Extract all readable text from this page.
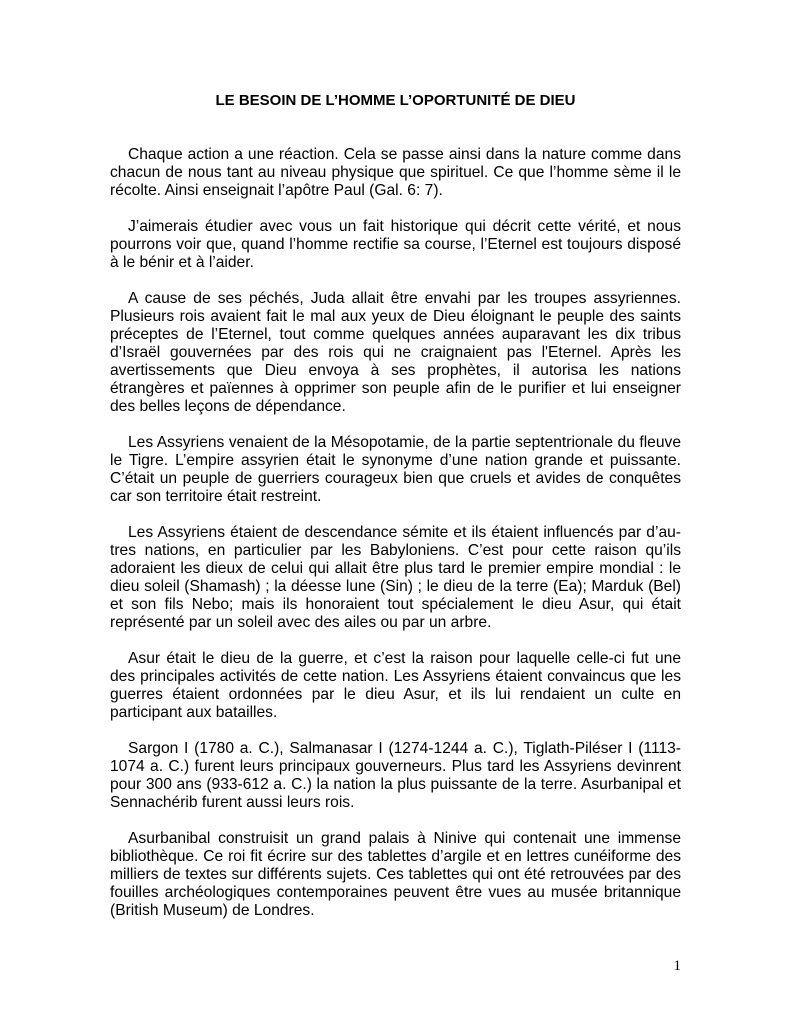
LE BESOIN DE L’HOMME L’OPORTUNITÉ DE DIEU

Chaque action a une réaction. Cela se passe ainsi dans la nature comme dans chacun de nous tant au niveau physique que spirituel. Ce que l’homme sème il le récolte. Ainsi enseignait l’apôtre Paul (Gal. 6: 7).

J’aimerais étudier avec vous un fait historique qui décrit cette vérité, et nous pourrons voir que, quand l’homme rectifie sa course, l’Eternel est toujours disposé à le bénir et à l’aider.

A cause de ses péchés, Juda allait être envahi par les troupes assyriennes. Plusieurs rois avaient fait le mal aux yeux de Dieu éloignant le peuple des saints préceptes de l’Eternel, tout comme quelques années auparavant les dix tribus d’Israël gouvernées par des rois qui ne craignaient pas l'Eternel. Après les avertissements que Dieu envoya à ses prophètes, il autorisa les nations étrangères et païennes à opprimer son peuple afin de le purifier et lui enseigner des belles leçons de dépendance.

Les Assyriens venaient de la Mésopotamie, de la partie septentrionale du fleuve le Tigre. L’empire assyrien était le synonyme d’une nation grande et puissante. C’était un peuple de guerriers courageux bien que cruels et avides de conquêtes car son territoire était restreint.

Les Assyriens étaient de descendance sémite et ils étaient influencés par d’autres nations, en particulier par les Babyloniens. C’est pour cette raison qu’ils adoraient les dieux de celui qui allait être plus tard le premier empire mondial : le dieu soleil (Shamash) ; la déesse lune (Sin) ; le dieu de la terre (Ea); Marduk (Bel) et son fils Nebo; mais ils honoraient tout spécialement le dieu Asur, qui était représenté par un soleil avec des ailes ou par un arbre.

Asur était le dieu de la guerre, et c’est la raison pour laquelle celle-ci fut une des principales activités de cette nation. Les Assyriens étaient convaincus que les guerres étaient ordonnées par le dieu Asur, et ils lui rendaient un culte en participant aux batailles.

Sargon I (1780 a. C.), Salmanasar I (1274-1244 a. C.), Tiglath-Piléser I (1113-1074 a. C.) furent leurs principaux gouverneurs. Plus tard les Assyriens devinrent pour 300 ans (933-612 a. C.) la nation la plus puissante de la terre. Asurbanipal et Sennachérib furent aussi leurs rois.

Asurbanibal construisit un grand palais à Ninive qui contenait une immense bibliothèque. Ce roi fit écrire sur des tablettes d’argile et en lettres cunéiforme des milliers de textes sur différents sujets. Ces tablettes qui ont été retrouvées par des fouilles archéologiques contemporaines peuvent être vues au musée britannique (British Museum) de Londres.

1
